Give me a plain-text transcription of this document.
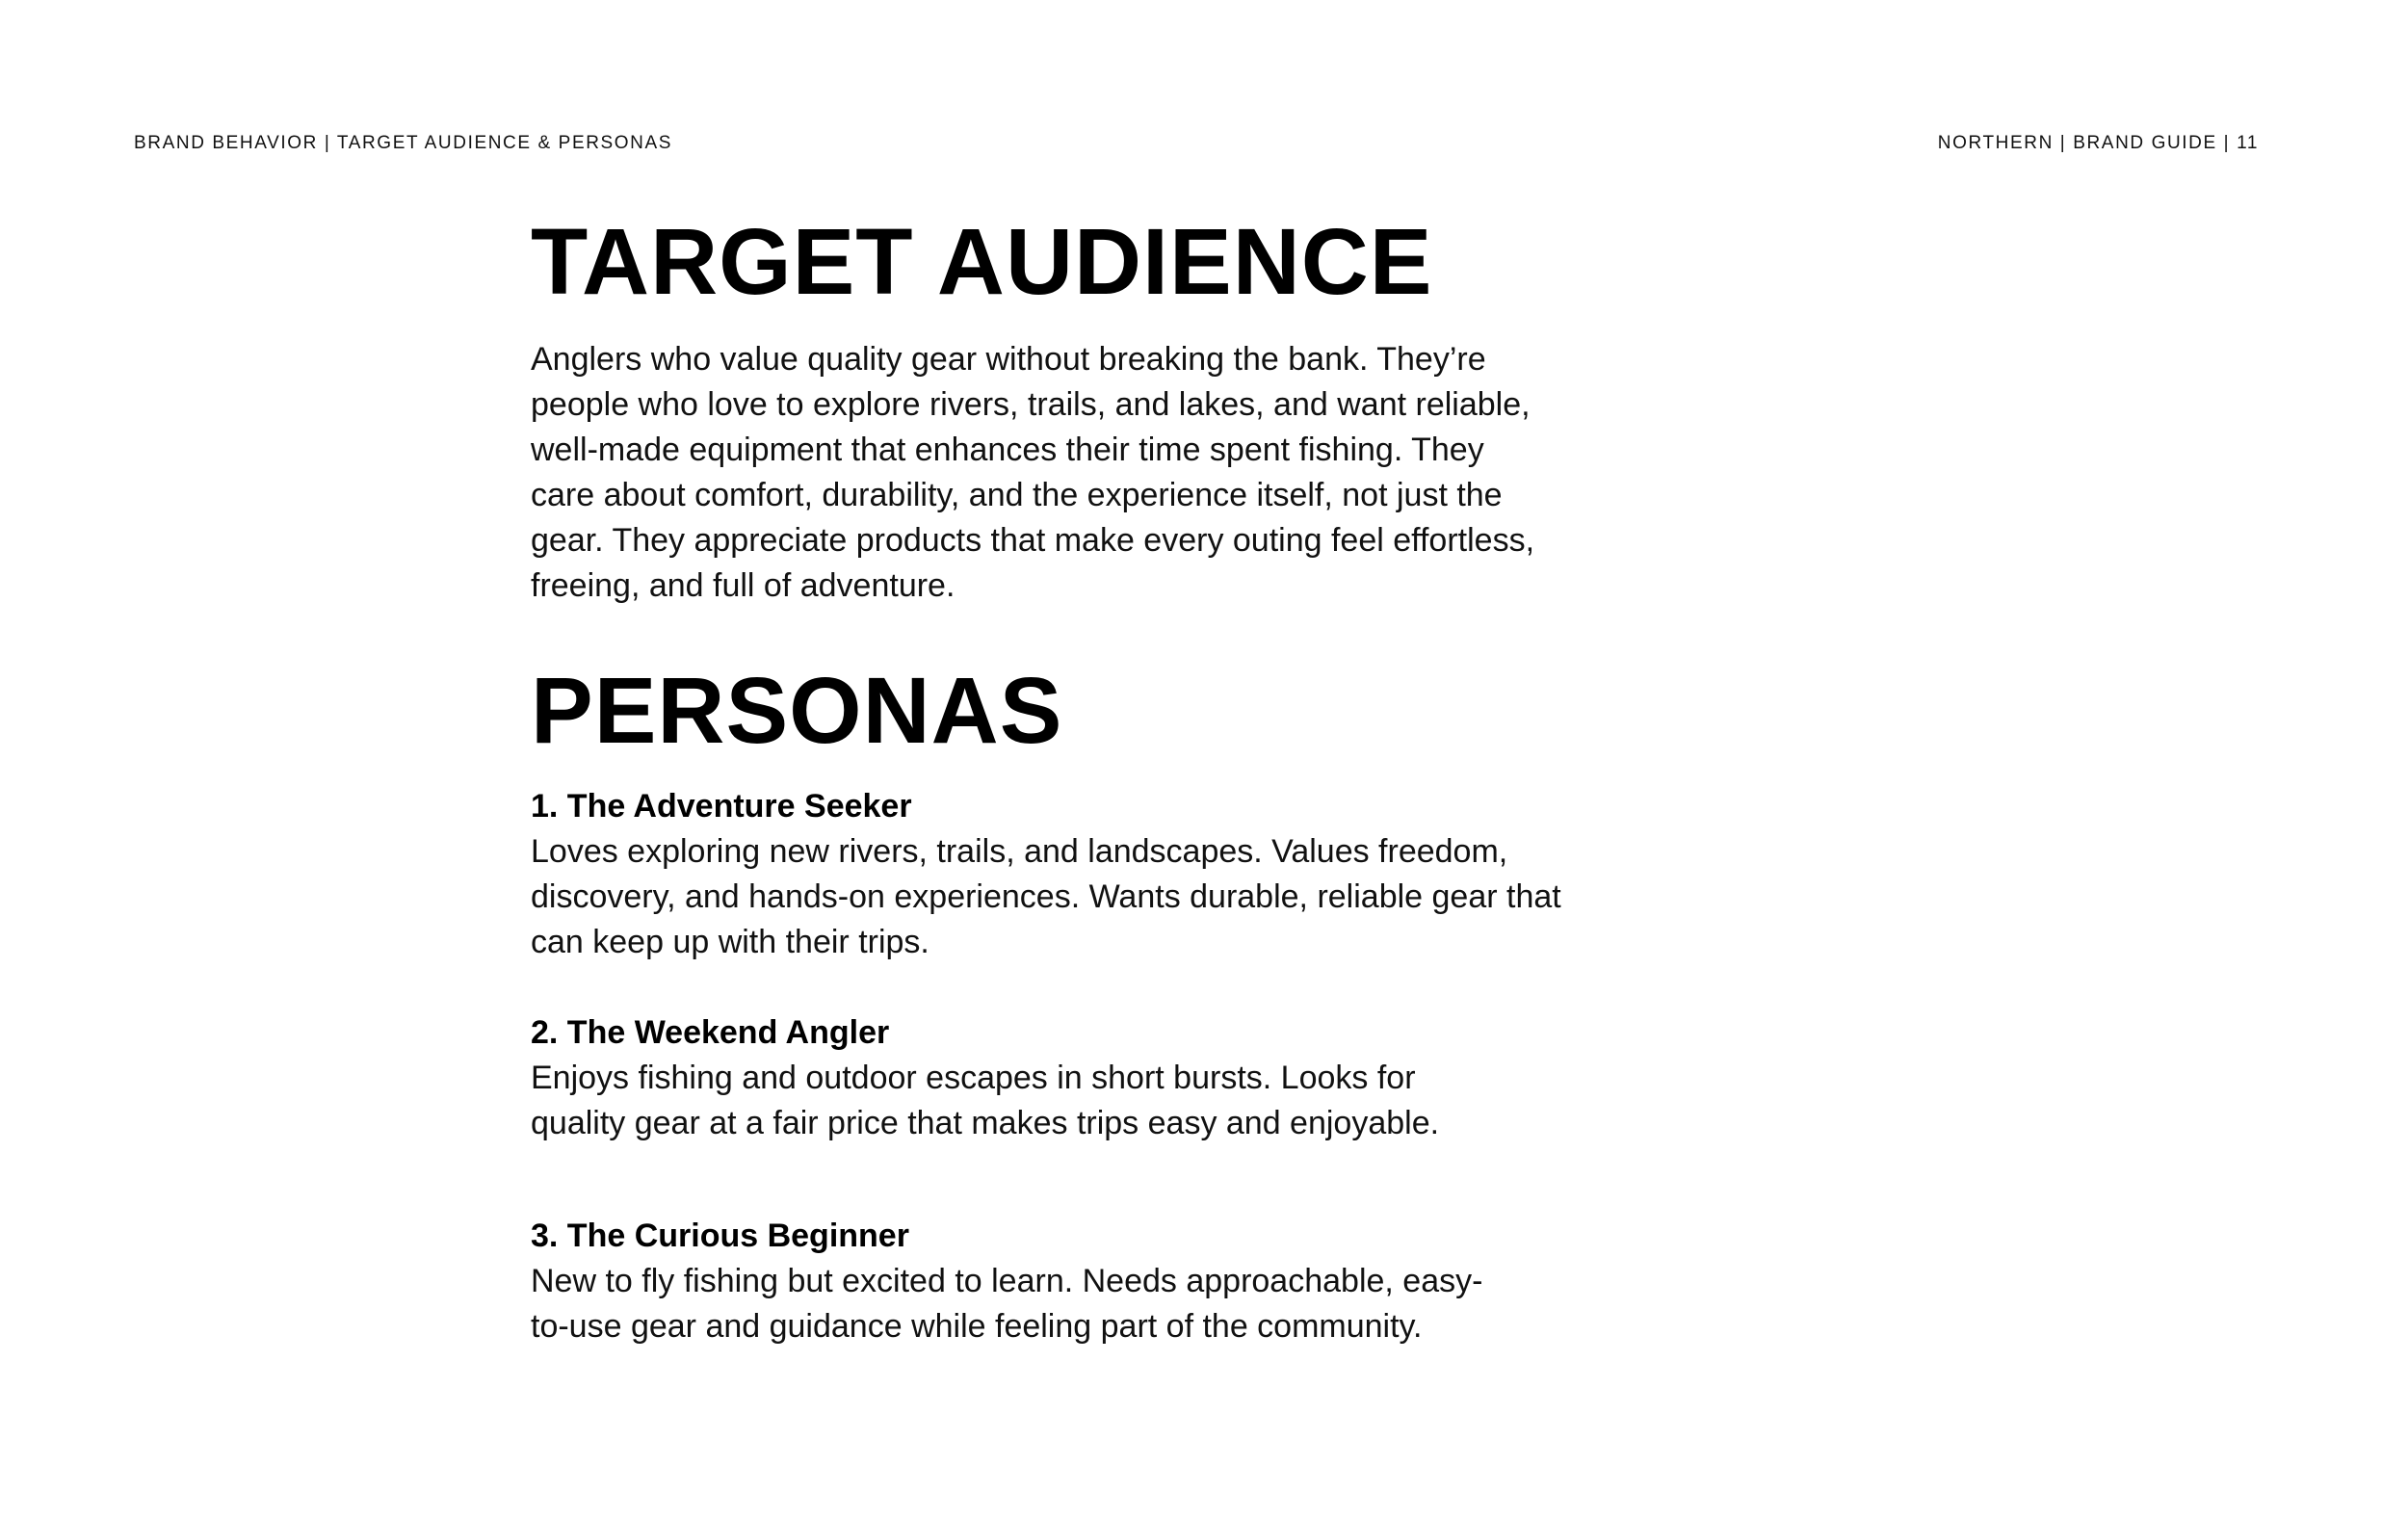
BRAND BEHAVIOR | TARGET AUDIENCE & PERSONAS	NORTHERN | BRAND GUIDE | 11
TARGET AUDIENCE

Anglers who value quality gear without breaking the bank. They’re
people who love to explore rivers, trails, and lakes, and want reliable,
well-made equipment that enhances their time spent fishing. They
care about comfort, durability, and the experience itself, not just the
gear. They appreciate products that make every outing feel effortless,
freeing, and full of adventure.

PERSONAS
1. The Adventure Seeker

Loves exploring new rivers, trails, and landscapes. Values freedom,
discovery, and hands-on experiences. Wants durable, reliable gear that
can keep up with their trips.

2. The Weekend Angler

Enjoys fishing and outdoor escapes in short bursts. Looks for
quality gear at a fair price that makes trips easy and enjoyable.

3. The Curious Beginner

New to fly fishing but excited to learn. Needs approachable, easy-
to-use gear and guidance while feeling part of the community.
